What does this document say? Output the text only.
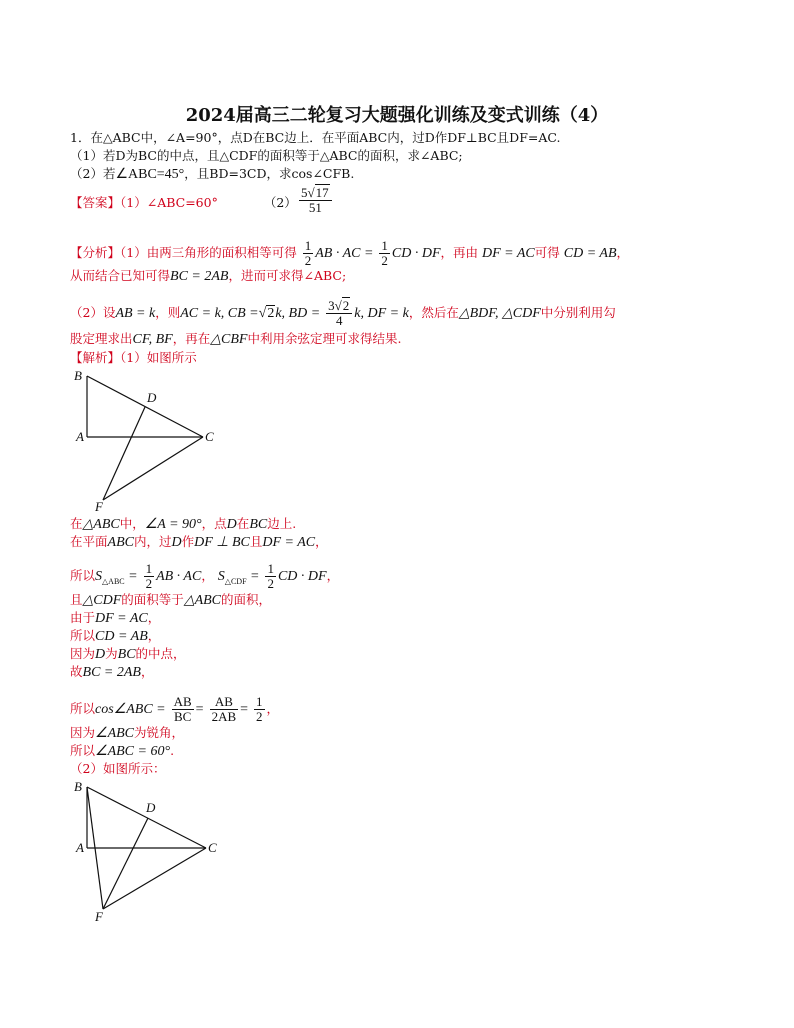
2024届高三二轮复习大题强化训练及变式训练（4）
1．在△ABC中，∠A=90°，点D在BC边上．在平面ABC内，过D作DF⊥BC且DF=AC.
（1）若D为BC的中点，且△CDF的面积等于△ABC的面积，求∠ABC;
（2）若∠ABC=45°，且BD=3CD，求cos∠CFB.
【答案】（1）∠ABC=60°	$(2) \frac{5√17}{51}$
【分析】（1）由两三角形的面积相等可得 $\frac{1}{2}$ AB · AC = $\frac{1}{2}$ CD · DF，再由 DF = AC可得 CD = AB，
从而结合已知可得BC = 2AB，进而可求得∠ABC;
（2）设AB = k，则AC = k, CB =√2k, BD = $\frac{3√2}{4} k$, DF = k，然后在△BDF, △CDF中分别利用勾
股定理求出CF, BF，再在△CBF中利用余弦定理可求得结果.
【解析】（1）如图所示
B
D
A	C
F
在△ABC中，∠A = 90°，点D在BC边上.
在平面ABC内，过D作DF ⊥ BC且DF = AC，
所以$S_{\triangle ABC} = \frac{1}{2}$ AB · AC， $S_{\triangle CDF} = \frac{1}{2}$ CD · DF，
且△CDF的面积等于△ABC的面积，
由于DF = AC，
所以CD = AB，
因为D为BC的中点，
故BC = 2AB，
所以cos∠ABC = $\frac{AB}{BC} = \frac{AB}{2AB} = \frac{1}{2}$ ，
因为∠ABC为锐角，
所以∠ABC = 60°.
（2）如图所示：
B
D
A	C
F
